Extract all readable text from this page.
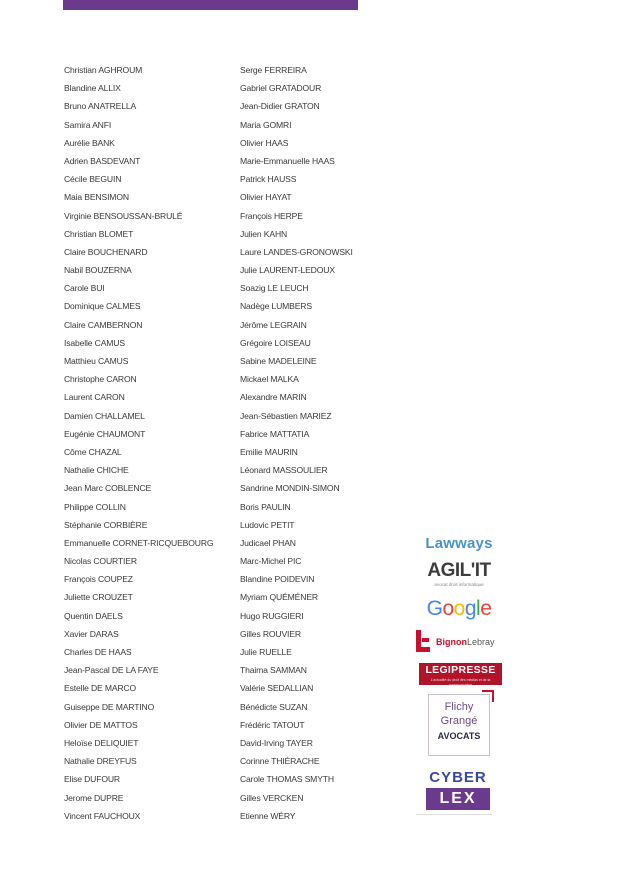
Christian AGHROUM
Blandine ALLIX
Bruno ANATRELLA
Samira ANFI
Aurélie BANK
Adrien BASDEVANT
Cécile BEGUIN
Maia BENSIMON
Virginie BENSOUSSAN-BRULÉ
Christian BLOMET
Claire BOUCHENARD
Nabil BOUZERNA
Carole BUI
Dominique CALMES
Claire CAMBERNON
Isabelle CAMUS
Matthieu CAMUS
Christophe CARON
Laurent CARON
Damien CHALLAMEL
Eugénie CHAUMONT
Côme CHAZAL
Nathalie CHICHE
Jean Marc COBLENCE
Philippe COLLIN
Stéphanie CORBIÈRE
Emmanuelle CORNET-RICQUEBOURG
Nicolas COURTIER
François COUPEZ
Juliette CROUZET
Quentin DAELS
Xavier DARAS
Charles DE HAAS
Jean-Pascal DE LA FAYE
Estelle DE MARCO
Guiseppe DE MARTINO
Olivier DE MATTOS
Heloïse DELIQUIET
Nathalie DREYFUS
Elise DUFOUR
Jerome DUPRE
Vincent FAUCHOUX
Serge FERREIRA
Gabriel GRATADOUR
Jean-Didier GRATON
Maria GOMRI
Olivier HAAS
Marie-Emmanuelle HAAS
Patrick HAUSS
Olivier HAYAT
François HERPE
Julien KAHN
Laure LANDES-GRONOWSKI
Julie LAURENT-LEDOUX
Soazig LE LEUCH
Nadège LUMBERS
Jérôme LEGRAIN
Grégoire LOISEAU
Sabine MADELEINE
Mickael MALKA
Alexandre MARIN
Jean-Sébastien MARIEZ
Fabrice MATTATIA
Emilie MAURIN
Léonard MASSOULIER
Sandrine MONDIN-SIMON
Boris PAULIN
Ludovic PETIT
Judicael PHAN
Marc-Michel PIC
Blandine POIDEVIN
Myriam QUÉMÉNER
Hugo RUGGIERI
Gilles ROUVIER
Julie RUELLE
Thaima SAMMAN
Valérie SEDALLIAN
Bénédicte SUZAN
Frédéric TATOUT
David-Irving TAYER
Corinne THIÉRACHE
Carole THOMAS SMYTH
Gilles VERCKEN
Etienne WÉRY
Lawways
AGIL'IT
avocat droit informatique
Google
BignonLebray
LEGIPRESSE
L'actualité du droit des médias et de la communication
Flichy
Grangé
AVOCATS
CYBER
LEX
